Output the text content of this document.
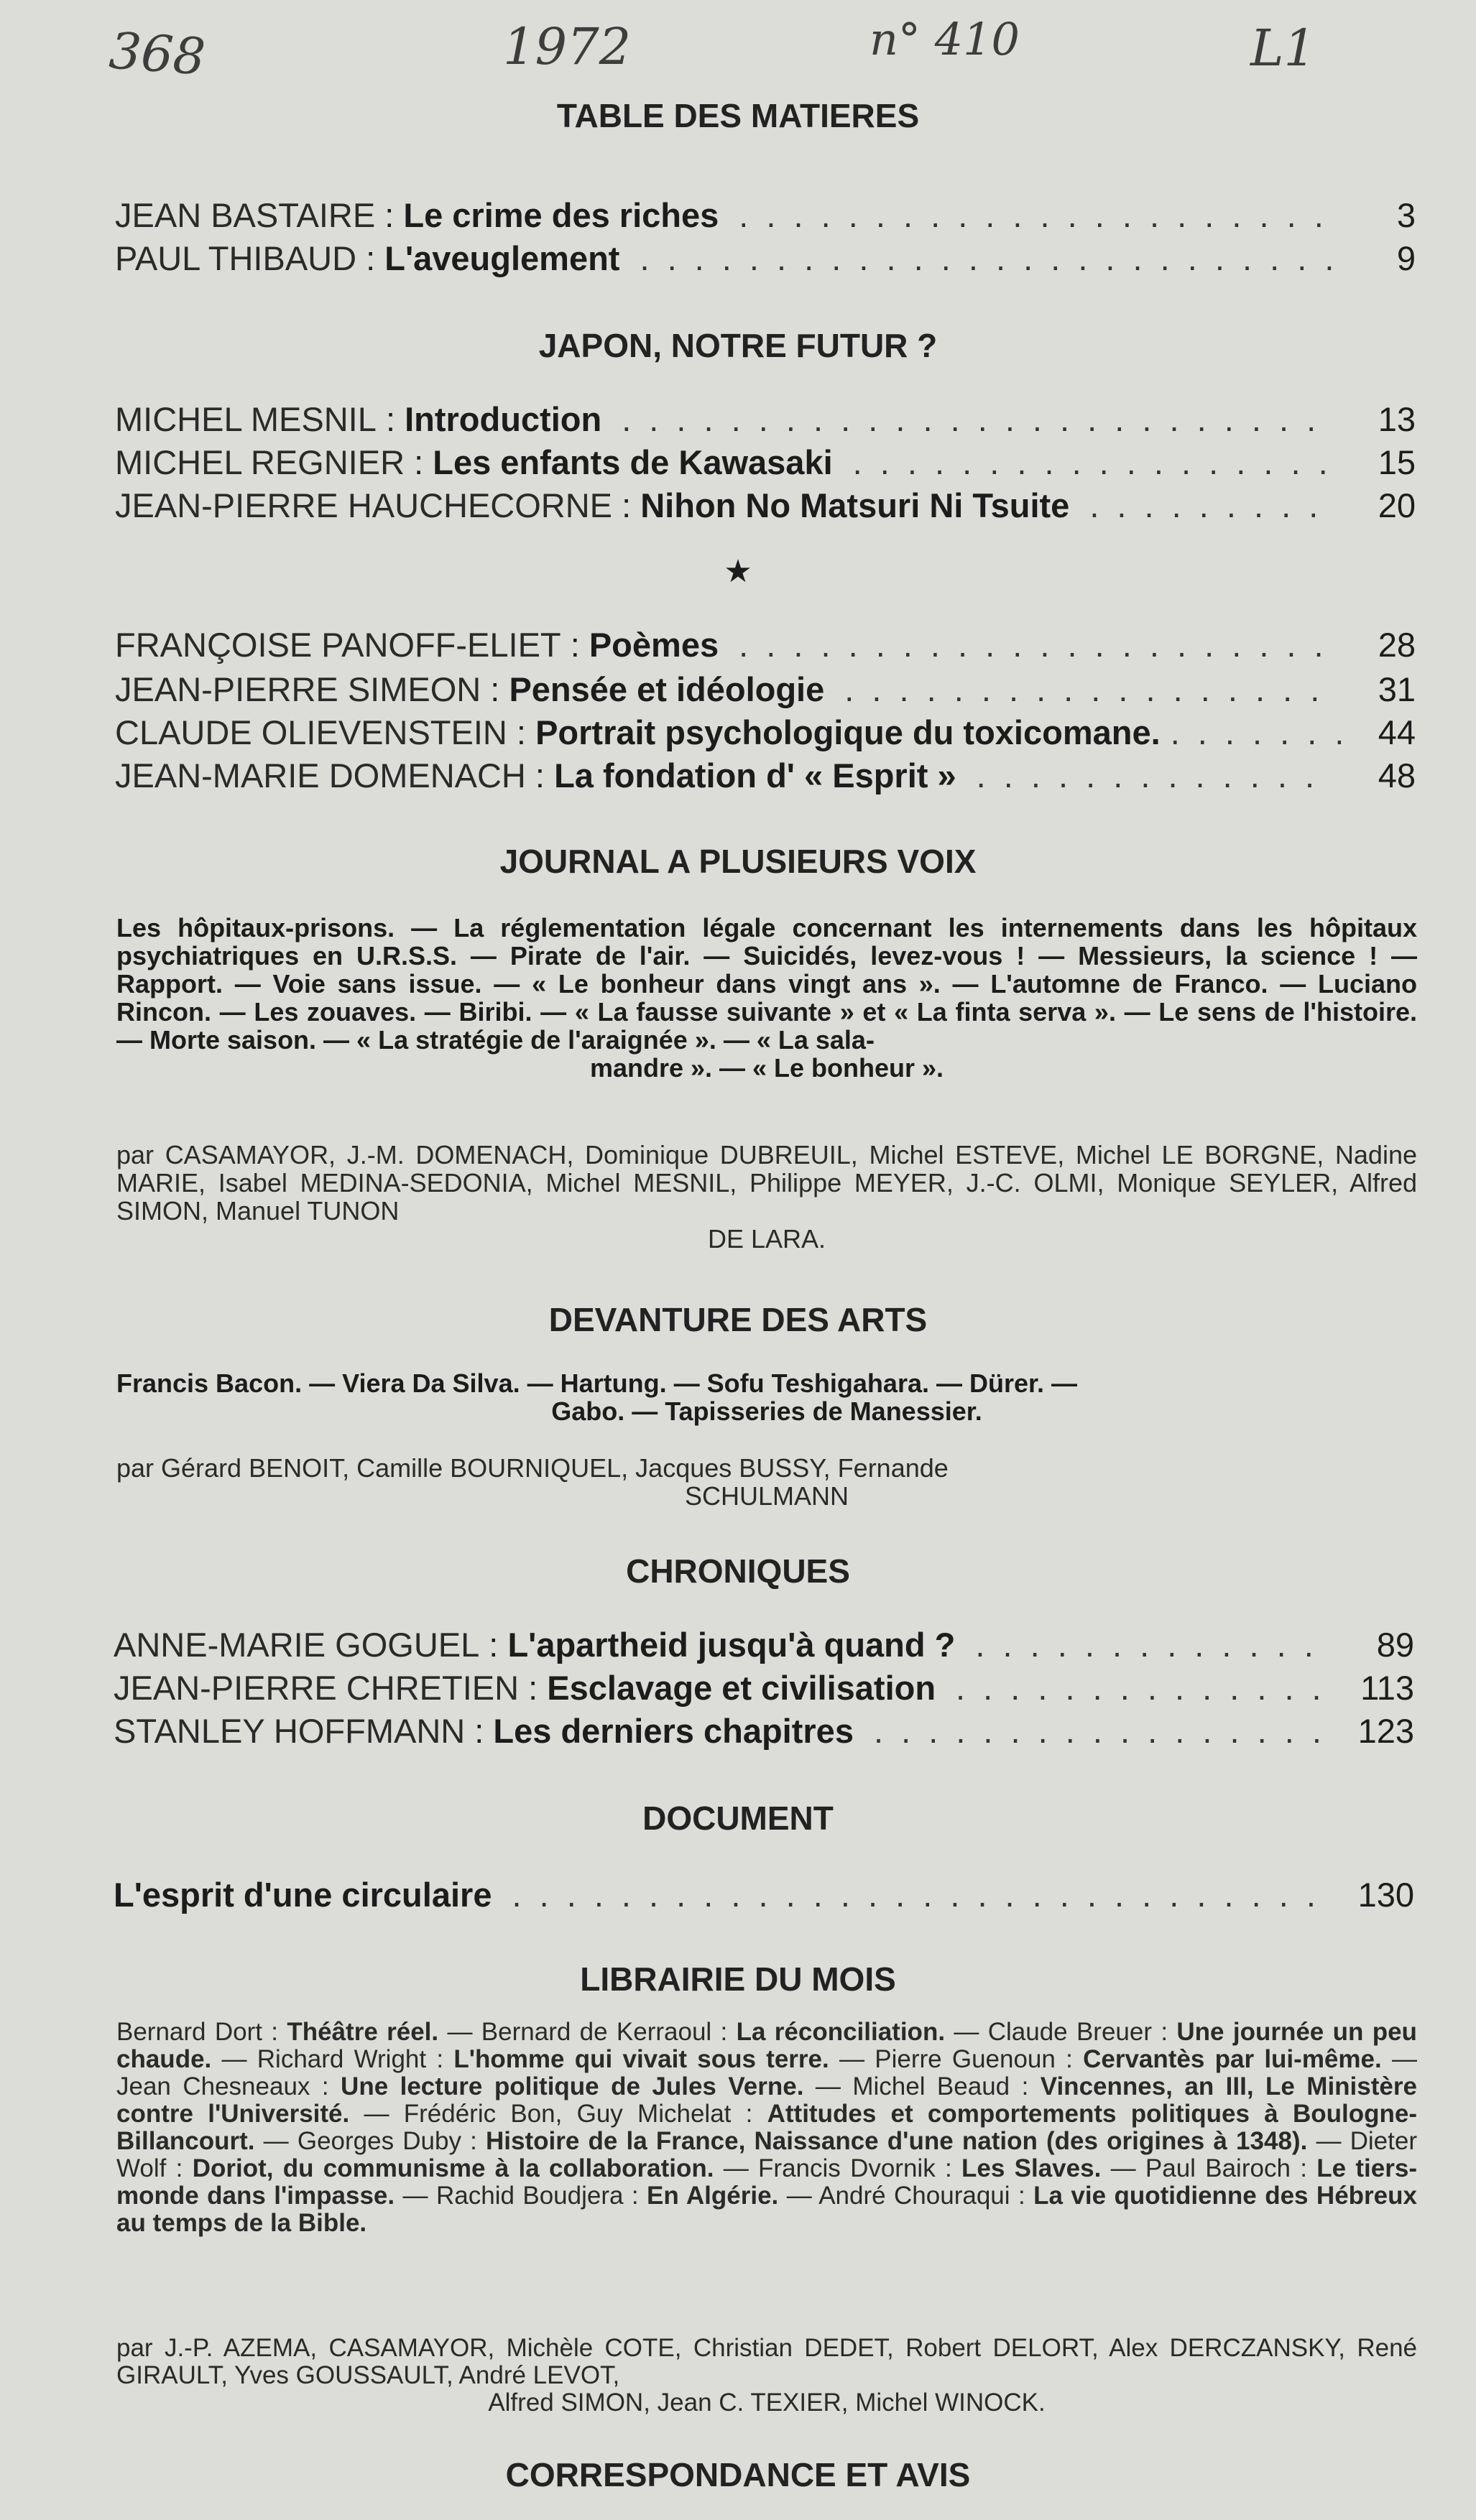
368	1972	n° 410	L1
TABLE DES MATIERES
JEAN BASTAIRE : Le crime des riches . . .	3
PAUL THIBAUD : L'aveuglement . . .	9
JAPON, NOTRE FUTUR ?
MICHEL MESNIL : Introduction . . .	13
MICHEL REGNIER : Les enfants de Kawasaki . . .	15
JEAN-PIERRE HAUCHECORNE : Nihon No Matsuri Ni Tsuite . . .	20
★
FRANÇOISE PANOFF-ELIET : Poèmes . . .	28
JEAN-PIERRE SIMEON : Pensée et idéologie . . .	31
CLAUDE OLIEVENSTEIN : Portrait psychologique du toxicomane. . . .	44
JEAN-MARIE DOMENACH : La fondation d' « Esprit » . . .	48
JOURNAL A PLUSIEURS VOIX
Les hôpitaux-prisons. — La réglementation légale concernant les internements dans les hôpitaux psychiatriques en U.R.S.S. — Pirate de l'air. — Suicidés, levez-vous ! — Messieurs, la science ! — Rapport. — Voie sans issue. — « Le bonheur dans vingt ans ». — L'automne de Franco. — Luciano Rincon. — Les zouaves. — Biribi. — « La fausse suivante » et « La finta serva ». — Le sens de l'histoire. — Morte saison. — « La stratégie de l'araignée ». — « La sala-
mandre ». — « Le bonheur ».
par CASAMAYOR, J.-M. DOMENACH, Dominique DUBREUIL, Michel ESTEVE, Michel LE BORGNE, Nadine MARIE, Isabel MEDINA-SEDONIA, Michel MESNIL, Philippe MEYER, J.-C. OLMI, Monique SEYLER, Alfred SIMON, Manuel TUNON
DE LARA.
DEVANTURE DES ARTS
Francis Bacon. — Viera Da Silva. — Hartung. — Sofu Teshigahara. — Dürer. —
Gabo. — Tapisseries de Manessier.
par Gérard BENOIT, Camille BOURNIQUEL, Jacques BUSSY, Fernande
SCHULMANN
CHRONIQUES
ANNE-MARIE GOGUEL : L'apartheid jusqu'à quand ? . . .	89
JEAN-PIERRE CHRETIEN : Esclavage et civilisation . . .	113
STANLEY HOFFMANN : Les derniers chapitres . . .	123
DOCUMENT
L'esprit d'une circulaire . . .	130
LIBRAIRIE DU MOIS
Bernard Dort : Théâtre réel. — Bernard de Kerraoul : La réconciliation. — Claude Breuer : Une journée un peu chaude. — Richard Wright : L'homme qui vivait sous terre. — Pierre Guenoun : Cervantès par lui-même. — Jean Chesneaux : Une lecture politique de Jules Verne. — Michel Beaud : Vincennes, an III, Le Ministère contre l'Université. — Frédéric Bon, Guy Michelat : Attitudes et comportements politiques à Boulogne-Billancourt. — Georges Duby : Histoire de la France, Naissance d'une nation (des origines à 1348). — Dieter Wolf : Doriot, du communisme à la collaboration. — Francis Dvornik : Les Slaves. — Paul Bairoch : Le tiers-monde dans l'impasse. — Rachid Boudjera : En Algérie. — André Chouraqui : La vie quotidienne des Hébreux au temps de la Bible.
par J.-P. AZEMA, CASAMAYOR, Michèle COTE, Christian DEDET, Robert DELORT, Alex DERCZANSKY, René GIRAULT, Yves GOUSSAULT, André LEVOT,
Alfred SIMON, Jean C. TEXIER, Michel WINOCK.
CORRESPONDANCE ET AVIS
